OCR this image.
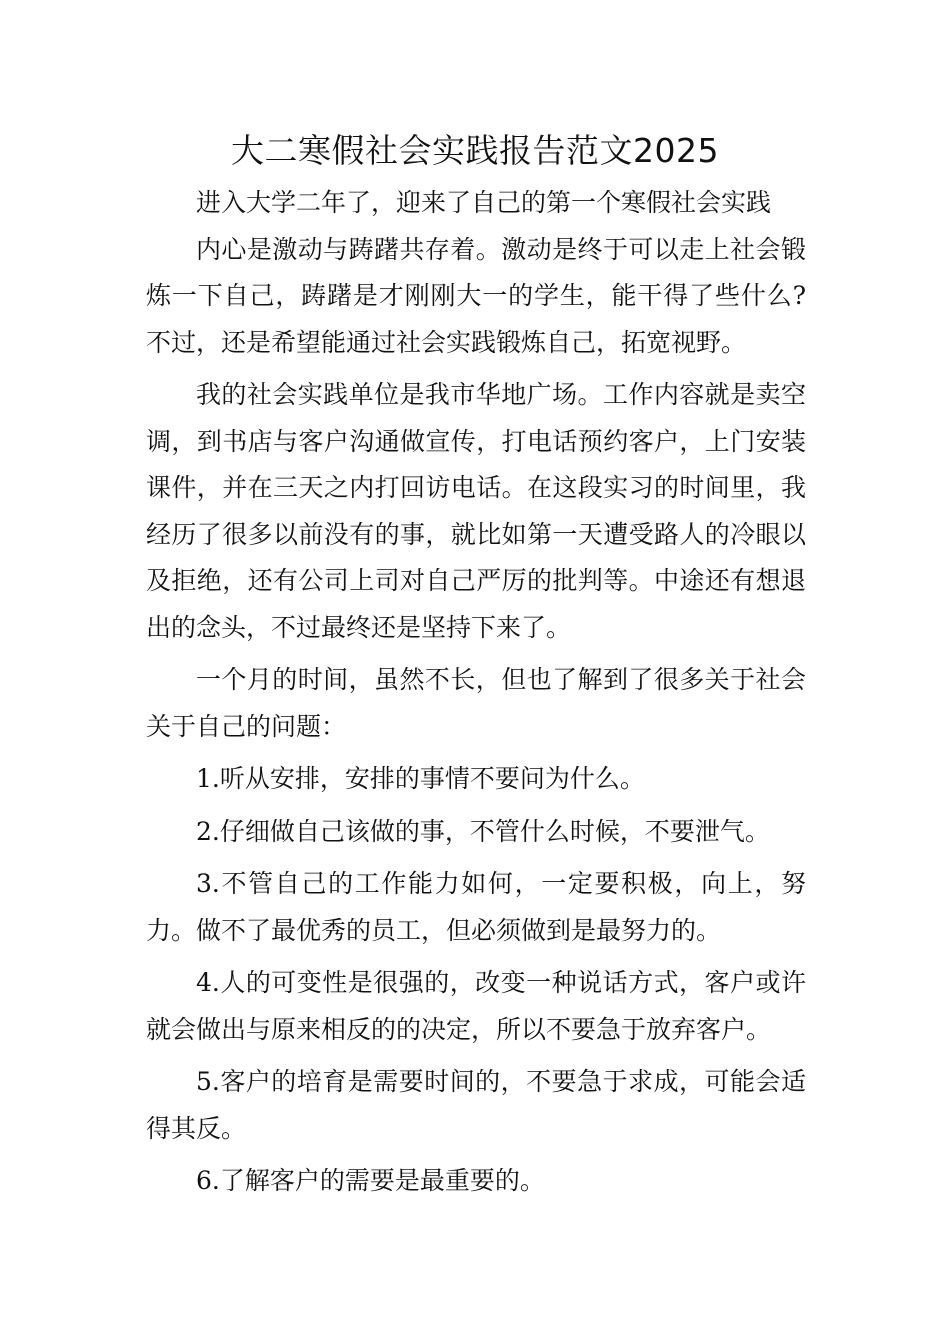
大二寒假社会实践报告范文2025

进入大学二年了，迎来了自己的第一个寒假社会实践

内心是激动与踌躇共存着。激动是终于可以走上社会锻炼一下自己，踌躇是才刚刚大一的学生，能干得了些什么?不过，还是希望能通过社会实践锻炼自己，拓宽视野。

我的社会实践单位是我市华地广场。工作内容就是卖空调，到书店与客户沟通做宣传，打电话预约客户，上门安装课件，并在三天之内打回访电话。在这段实习的时间里，我经历了很多以前没有的事，就比如第一天遭受路人的冷眼以及拒绝，还有公司上司对自己严厉的批判等。中途还有想退出的念头，不过最终还是坚持下来了。

一个月的时间，虽然不长，但也了解到了很多关于社会关于自己的问题：

1.听从安排，安排的事情不要问为什么。

2.仔细做自己该做的事，不管什么时候，不要泄气。

3.不管自己的工作能力如何，一定要积极，向上，努力。做不了最优秀的员工，但必须做到是最努力的。

4.人的可变性是很强的，改变一种说话方式，客户或许就会做出与原来相反的的决定，所以不要急于放弃客户。

5.客户的培育是需要时间的，不要急于求成，可能会适得其反。

6.了解客户的需要是最重要的。
